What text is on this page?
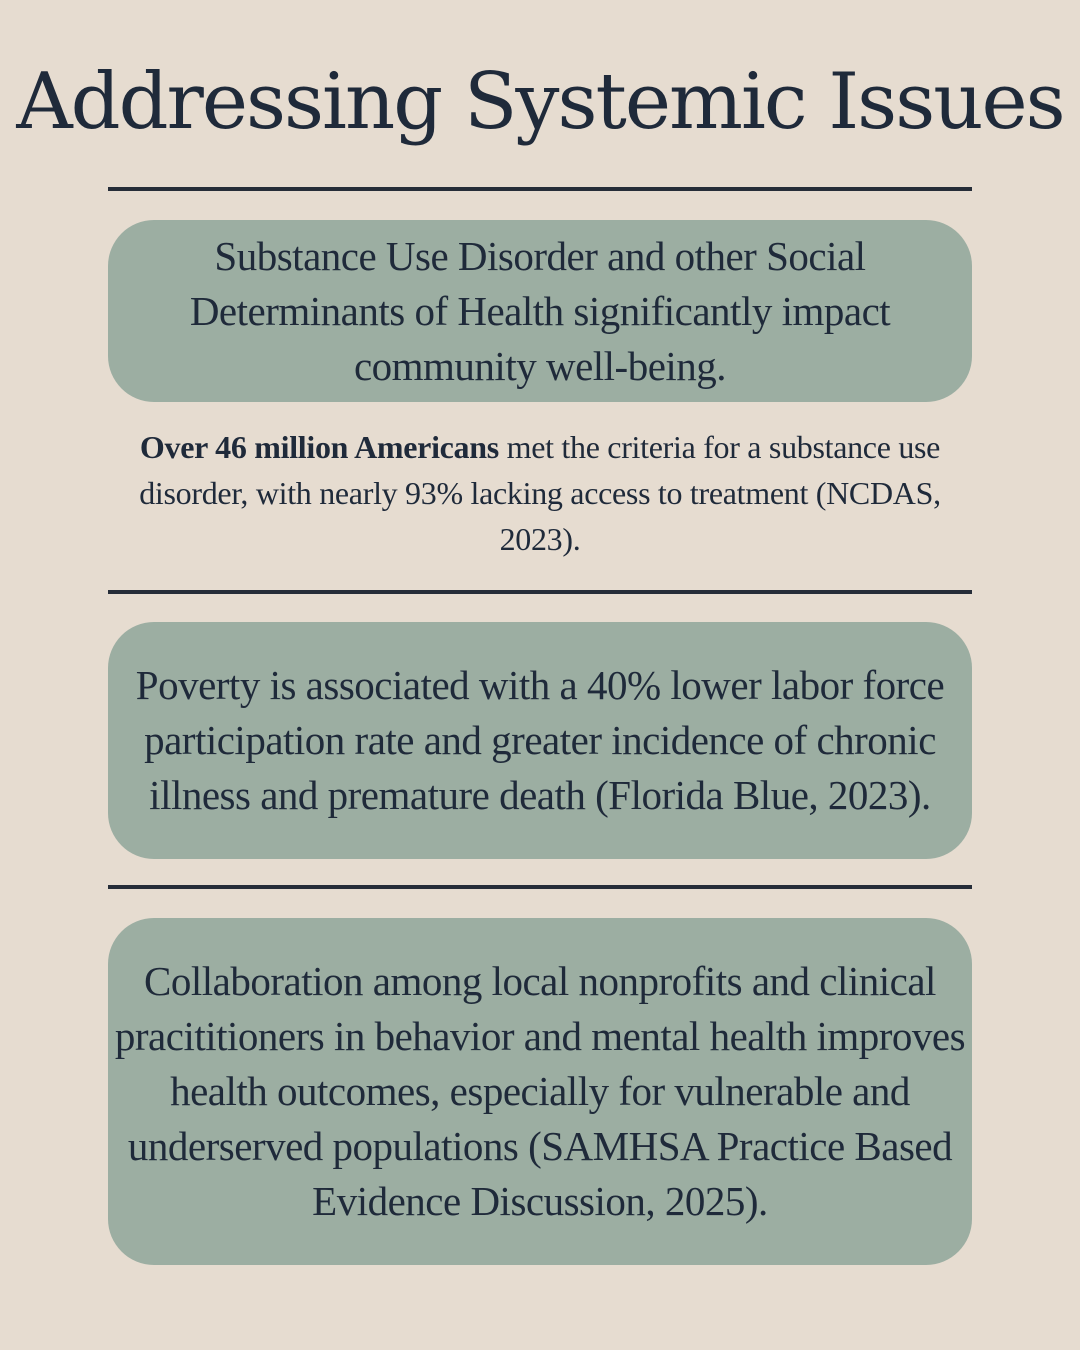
Addressing Systemic Issues

Substance Use Disorder and other Social Determinants of Health significantly impact community well-being.

Over 46 million Americans met the criteria for a substance use disorder, with nearly 93% lacking access to treatment (NCDAS, 2023).

Poverty is associated with a 40% lower labor force participation rate and greater incidence of chronic illness and premature death (Florida Blue, 2023).

Collaboration among local nonprofits and clinical pracititioners in behavior and mental health improves health outcomes, especially for vulnerable and underserved populations (SAMHSA Practice Based Evidence Discussion, 2025).
